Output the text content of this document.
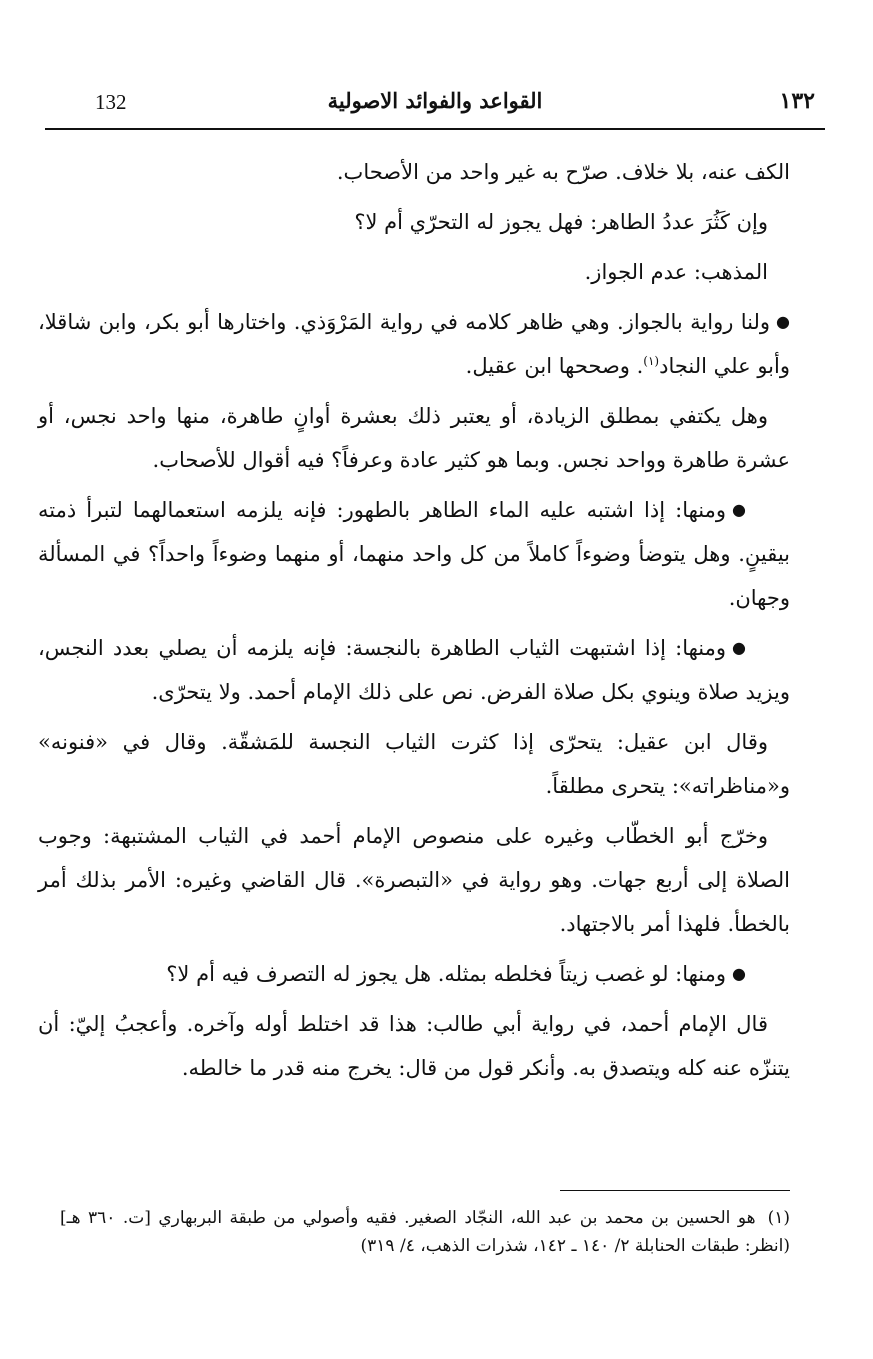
132	القواعد والفوائد الاصولية	١٣٢

الكف عنه، بلا خلاف. صرّح به غير واحد من الأصحاب.

وإن كَثُرَ عددُ الطاهر: فهل يجوز له التحرّي أم لا؟

المذهب: عدم الجواز.

●ولنا رواية بالجواز. وهي ظاهر كلامه في رواية المَرْوَذي. واختارها أبو بكر، وابن شاقلا، وأبو علي النجاد$^{(١)}$. وصححها ابن عقيل.

وهل يكتفي بمطلق الزيادة، أو يعتبر ذلك بعشرة أوانٍ طاهرة، منها واحد نجس، أو عشرة طاهرة وواحد نجس. وبما هو كثير عادة وعرفاً؟ فيه أقوال للأصحاب.

●ومنها: إذا اشتبه عليه الماء الطاهر بالطهور: فإنه يلزمه استعمالهما لتبرأ ذمته بيقينٍ. وهل يتوضأ وضوءاً كاملاً من كل واحد منهما، أو منهما وضوءاً واحداً؟ في المسألة وجهان.

●ومنها: إذا اشتبهت الثياب الطاهرة بالنجسة: فإنه يلزمه أن يصلي بعدد النجس، ويزيد صلاة وينوي بكل صلاة الفرض. نص على ذلك الإمام أحمد. ولا يتحرّى.

وقال ابن عقيل: يتحرّى إذا كثرت الثياب النجسة للمَشقّة. وقال في «فنونه» و«مناظراته»: يتحرى مطلقاً.

وخرّج أبو الخطّاب وغيره على منصوص الإمام أحمد في الثياب المشتبهة: وجوب الصلاة إلى أربع جهات. وهو رواية في «التبصرة». قال القاضي وغيره: الأمر بذلك أمر بالخطأ. فلهذا أمر بالاجتهاد.

●ومنها: لو غصب زيتاً فخلطه بمثله. هل يجوز له التصرف فيه أم لا؟

قال الإمام أحمد، في رواية أبي طالب: هذا قد اختلط أوله وآخره. وأعجبُ إليّ: أن يتنزّه عنه كله ويتصدق به. وأنكر قول من قال: يخرج منه قدر ما خالطه.

(١)هو الحسين بن محمد بن عبد الله، النجّاد الصغير. فقيه وأصولي من طبقة البربهاري [ت. ٣٦٠ هـ] (انظر: طبقات الحنابلة ٢/ ١٤٠ ـ ١٤٢، شذرات الذهب، ٤/ ٣١٩)
